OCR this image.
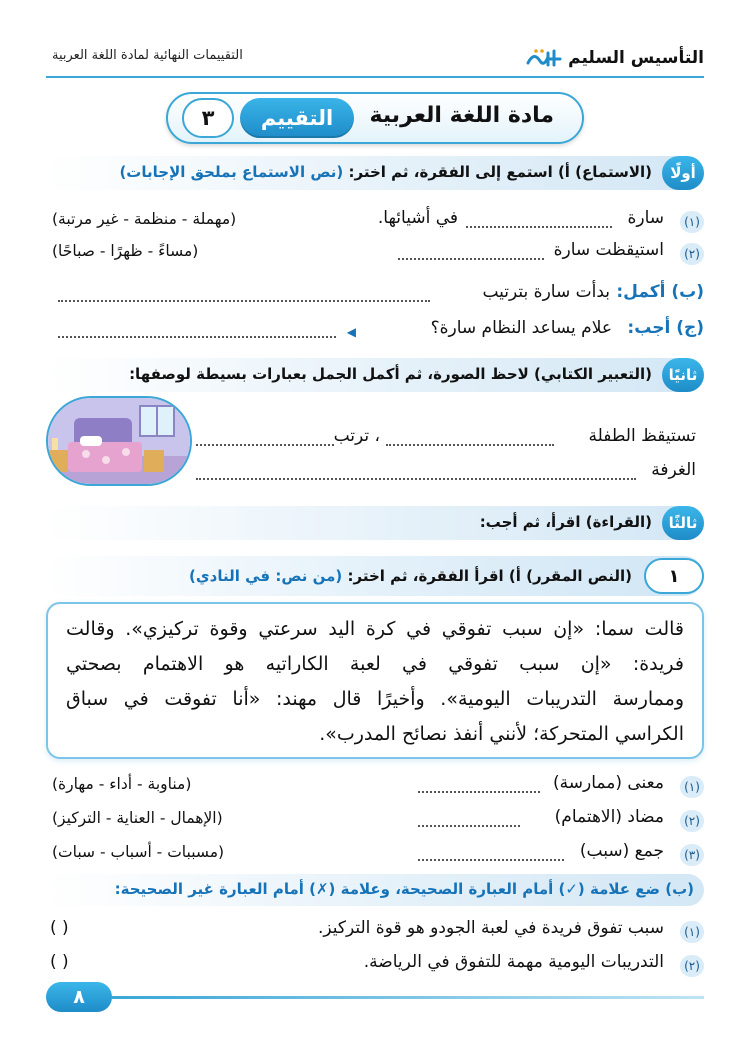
التأسيس السليم
التقييمات النهائية لمادة اللغة العربية
مادة اللغة العربية
التقييم
٣
أولًا
(الاستماع) أ) استمع إلى الفقرة، ثم اختر: (نص الاستماع بملحق الإجابات)
(١)
سارة
في أشيائها.
(مهملة - منظمة - غير مرتبة)
(٢)
استيقظت سارة
(مساءً - ظهرًا - صباحًا)
(ب) أكمل:
بدأت سارة بترتيب
(ج) أجب:
علام يساعد النظام سارة؟
◀
ثانيًا
(التعبير الكتابي) لاحظ الصورة، ثم أكمل الجمل بعبارات بسيطة لوصفها:
تستيقظ الطفلة
، ترتب
الغرفة
ثالثًا
(القراءة) اقرأ، ثم أجب:
١
(النص المقرر) أ) اقرأ الفقرة، ثم اختر: (من نص: في النادي)
قالت سما: «إن سبب تفوقي في كرة اليد سرعتي وقوة تركيزي». وقالت
فريدة: «إن سبب تفوقي في لعبة الكاراتيه هو الاهتمام بصحتي
وممارسة التدريبات اليومية». وأخيرًا قال مهند: «أنا تفوقت في سباق
الكراسي المتحركة؛ لأنني أنفذ نصائح المدرب».
(١)
معنى (ممارسة)
(مناوبة - أداء - مهارة)
(٢)
مضاد (الاهتمام)
(الإهمال - العناية - التركيز)
(٣)
جمع (سبب)
(مسببات - أسباب - سبات)
(ب) ضع علامة (✓) أمام العبارة الصحيحة، وعلامة (✗) أمام العبارة غير الصحيحة:
(١)
سبب تفوق فريدة في لعبة الجودو هو قوة التركيز.
( )
(٢)
التدريبات اليومية مهمة للتفوق في الرياضة.
( )
٨
